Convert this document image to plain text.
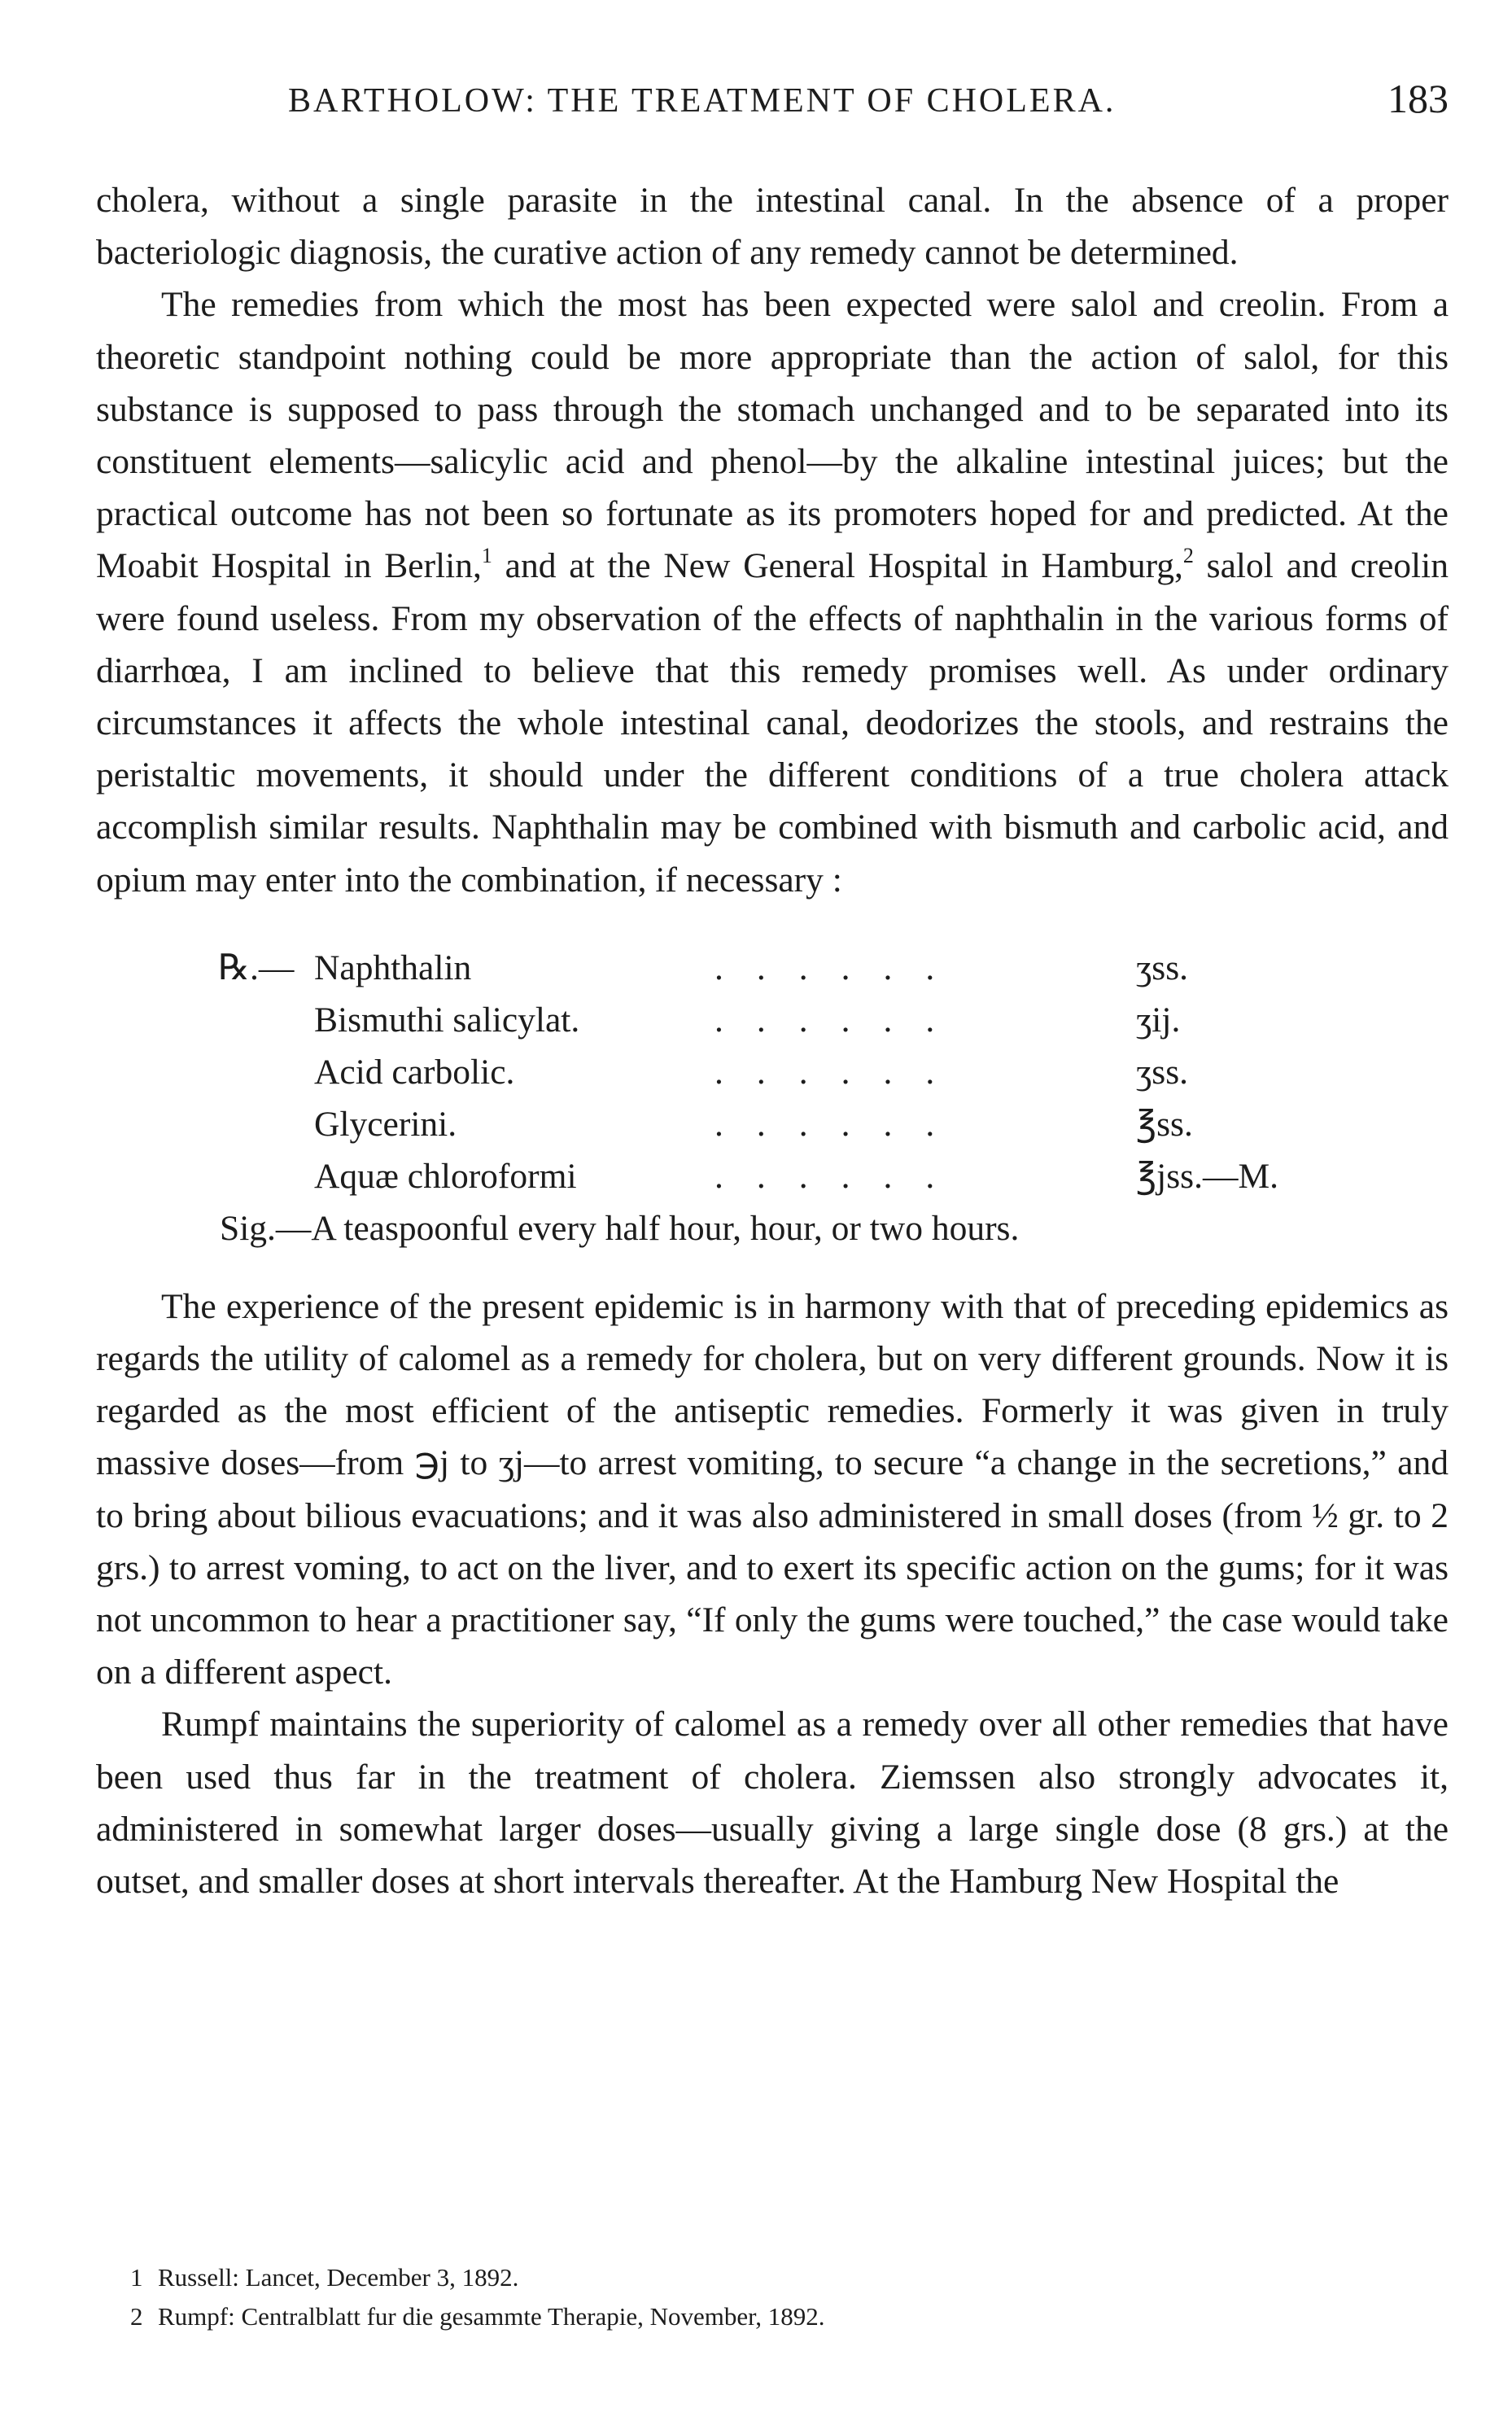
BARTHOLOW: THE TREATMENT OF CHOLERA.	183

cholera, without a single parasite in the intestinal canal. In the absence of a proper bacteriologic diagnosis, the curative action of any remedy cannot be determined.

The remedies from which the most has been expected were salol and creolin. From a theoretic standpoint nothing could be more appropriate than the action of salol, for this substance is supposed to pass through the stomach unchanged and to be separated into its constituent elements—salicylic acid and phenol—by the alkaline intestinal juices; but the practical outcome has not been so fortunate as its promoters hoped for and predicted. At the Moabit Hospital in Berlin,$^1$ and at the New General Hospital in Hamburg,$^2$ salol and creolin were found useless. From my observation of the effects of naphthalin in the various forms of diarrhœa, I am inclined to believe that this remedy promises well. As under ordinary circumstances it affects the whole intestinal canal, deodorizes the stools, and restrains the peristaltic movements, it should under the different conditions of a true cholera attack accomplish similar results. Naphthalin may be combined with bismuth and carbolic acid, and opium may enter into the combination, if necessary :

℞.— Naphthalin	......	ʒss.
Bismuthi salicylat.	......	ʒij.
Acid carbolic.	......	ʒss.
Glycerini.	......	℥ss.
Aquæ chloroformi	......	℥jss.—M.
Sig.—A teaspoonful every half hour, hour, or two hours.

The experience of the present epidemic is in harmony with that of preceding epidemics as regards the utility of calomel as a remedy for cholera, but on very different grounds. Now it is regarded as the most efficient of the antiseptic remedies. Formerly it was given in truly massive doses—from ℈j to ʒj—to arrest vomiting, to secure “a change in the secretions,” and to bring about bilious evacuations; and it was also administered in small doses (from ½ gr. to 2 grs.) to arrest voming, to act on the liver, and to exert its specific action on the gums; for it was not uncommon to hear a practitioner say, “If only the gums were touched,” the case would take on a different aspect.

Rumpf maintains the superiority of calomel as a remedy over all other remedies that have been used thus far in the treatment of cholera. Ziemssen also strongly advocates it, administered in somewhat larger doses—usually giving a large single dose (8 grs.) at the outset, and smaller doses at short intervals thereafter. At the Hamburg New Hospital the

1 Russell: Lancet, December 3, 1892.
2 Rumpf: Centralblatt fur die gesammte Therapie, November, 1892.
